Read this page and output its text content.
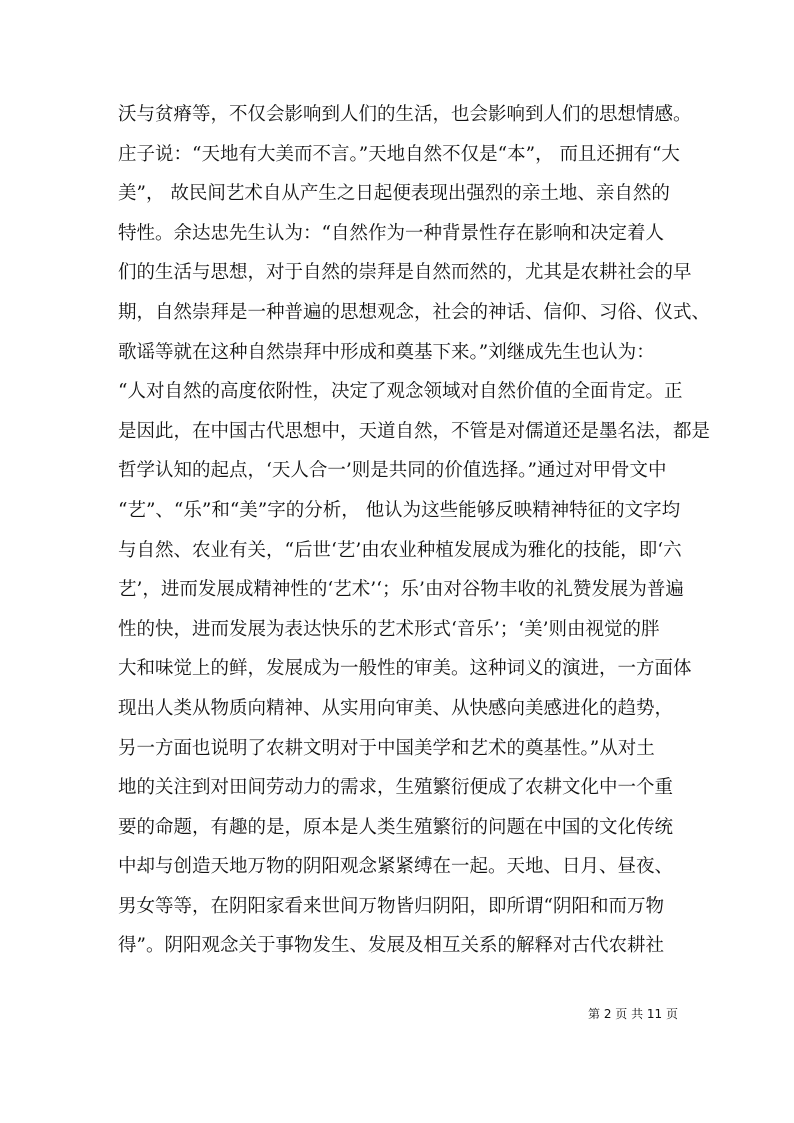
沃与贫瘠等，不仅会影响到人们的生活，也会影响到人们的思想情感。
庄子说：“天地有大美而不言。”天地自然不仅是“本”， 而且还拥有“大
美”， 故民间艺术自从产生之日起便表现出强烈的亲土地、亲自然的
特性。余达忠先生认为：“自然作为一种背景性存在影响和决定着人
们的生活与思想，对于自然的崇拜是自然而然的，尤其是农耕社会的早
期，自然崇拜是一种普遍的思想观念，社会的神话、信仰、习俗、仪式、
歌谣等就在这种自然崇拜中形成和奠基下来。”刘继成先生也认为：
“人对自然的高度依附性，决定了观念领域对自然价值的全面肯定。正
是因此，在中国古代思想中，天道自然，不管是对儒道还是墨名法，都是
哲学认知的起点，‘天人合一’则是共同的价值选择。”通过对甲骨文中
“艺”、“乐”和“美”字的分析， 他认为这些能够反映精神特征的文字均
与自然、农业有关，“后世‘艺’由农业种植发展成为雅化的技能，即‘六
艺’，进而发展成精神性的‘艺术’‘；乐’由对谷物丰收的礼赞发展为普遍
性的快，进而发展为表达快乐的艺术形式‘音乐’；‘美’则由视觉的胖
大和味觉上的鲜，发展成为一般性的审美。这种词义的演进，一方面体
现出人类从物质向精神、从实用向审美、从快感向美感进化的趋势，
另一方面也说明了农耕文明对于中国美学和艺术的奠基性。”从对土
地的关注到对田间劳动力的需求，生殖繁衍便成了农耕文化中一个重
要的命题，有趣的是，原本是人类生殖繁衍的问题在中国的文化传统
中却与创造天地万物的阴阳观念紧紧缚在一起。天地、日月、昼夜、
男女等等，在阴阳家看来世间万物皆归阴阳，即所谓“阴阳和而万物
得”。阴阳观念关于事物发生、发展及相互关系的解释对古代农耕社
第 2 页 共 11 页
